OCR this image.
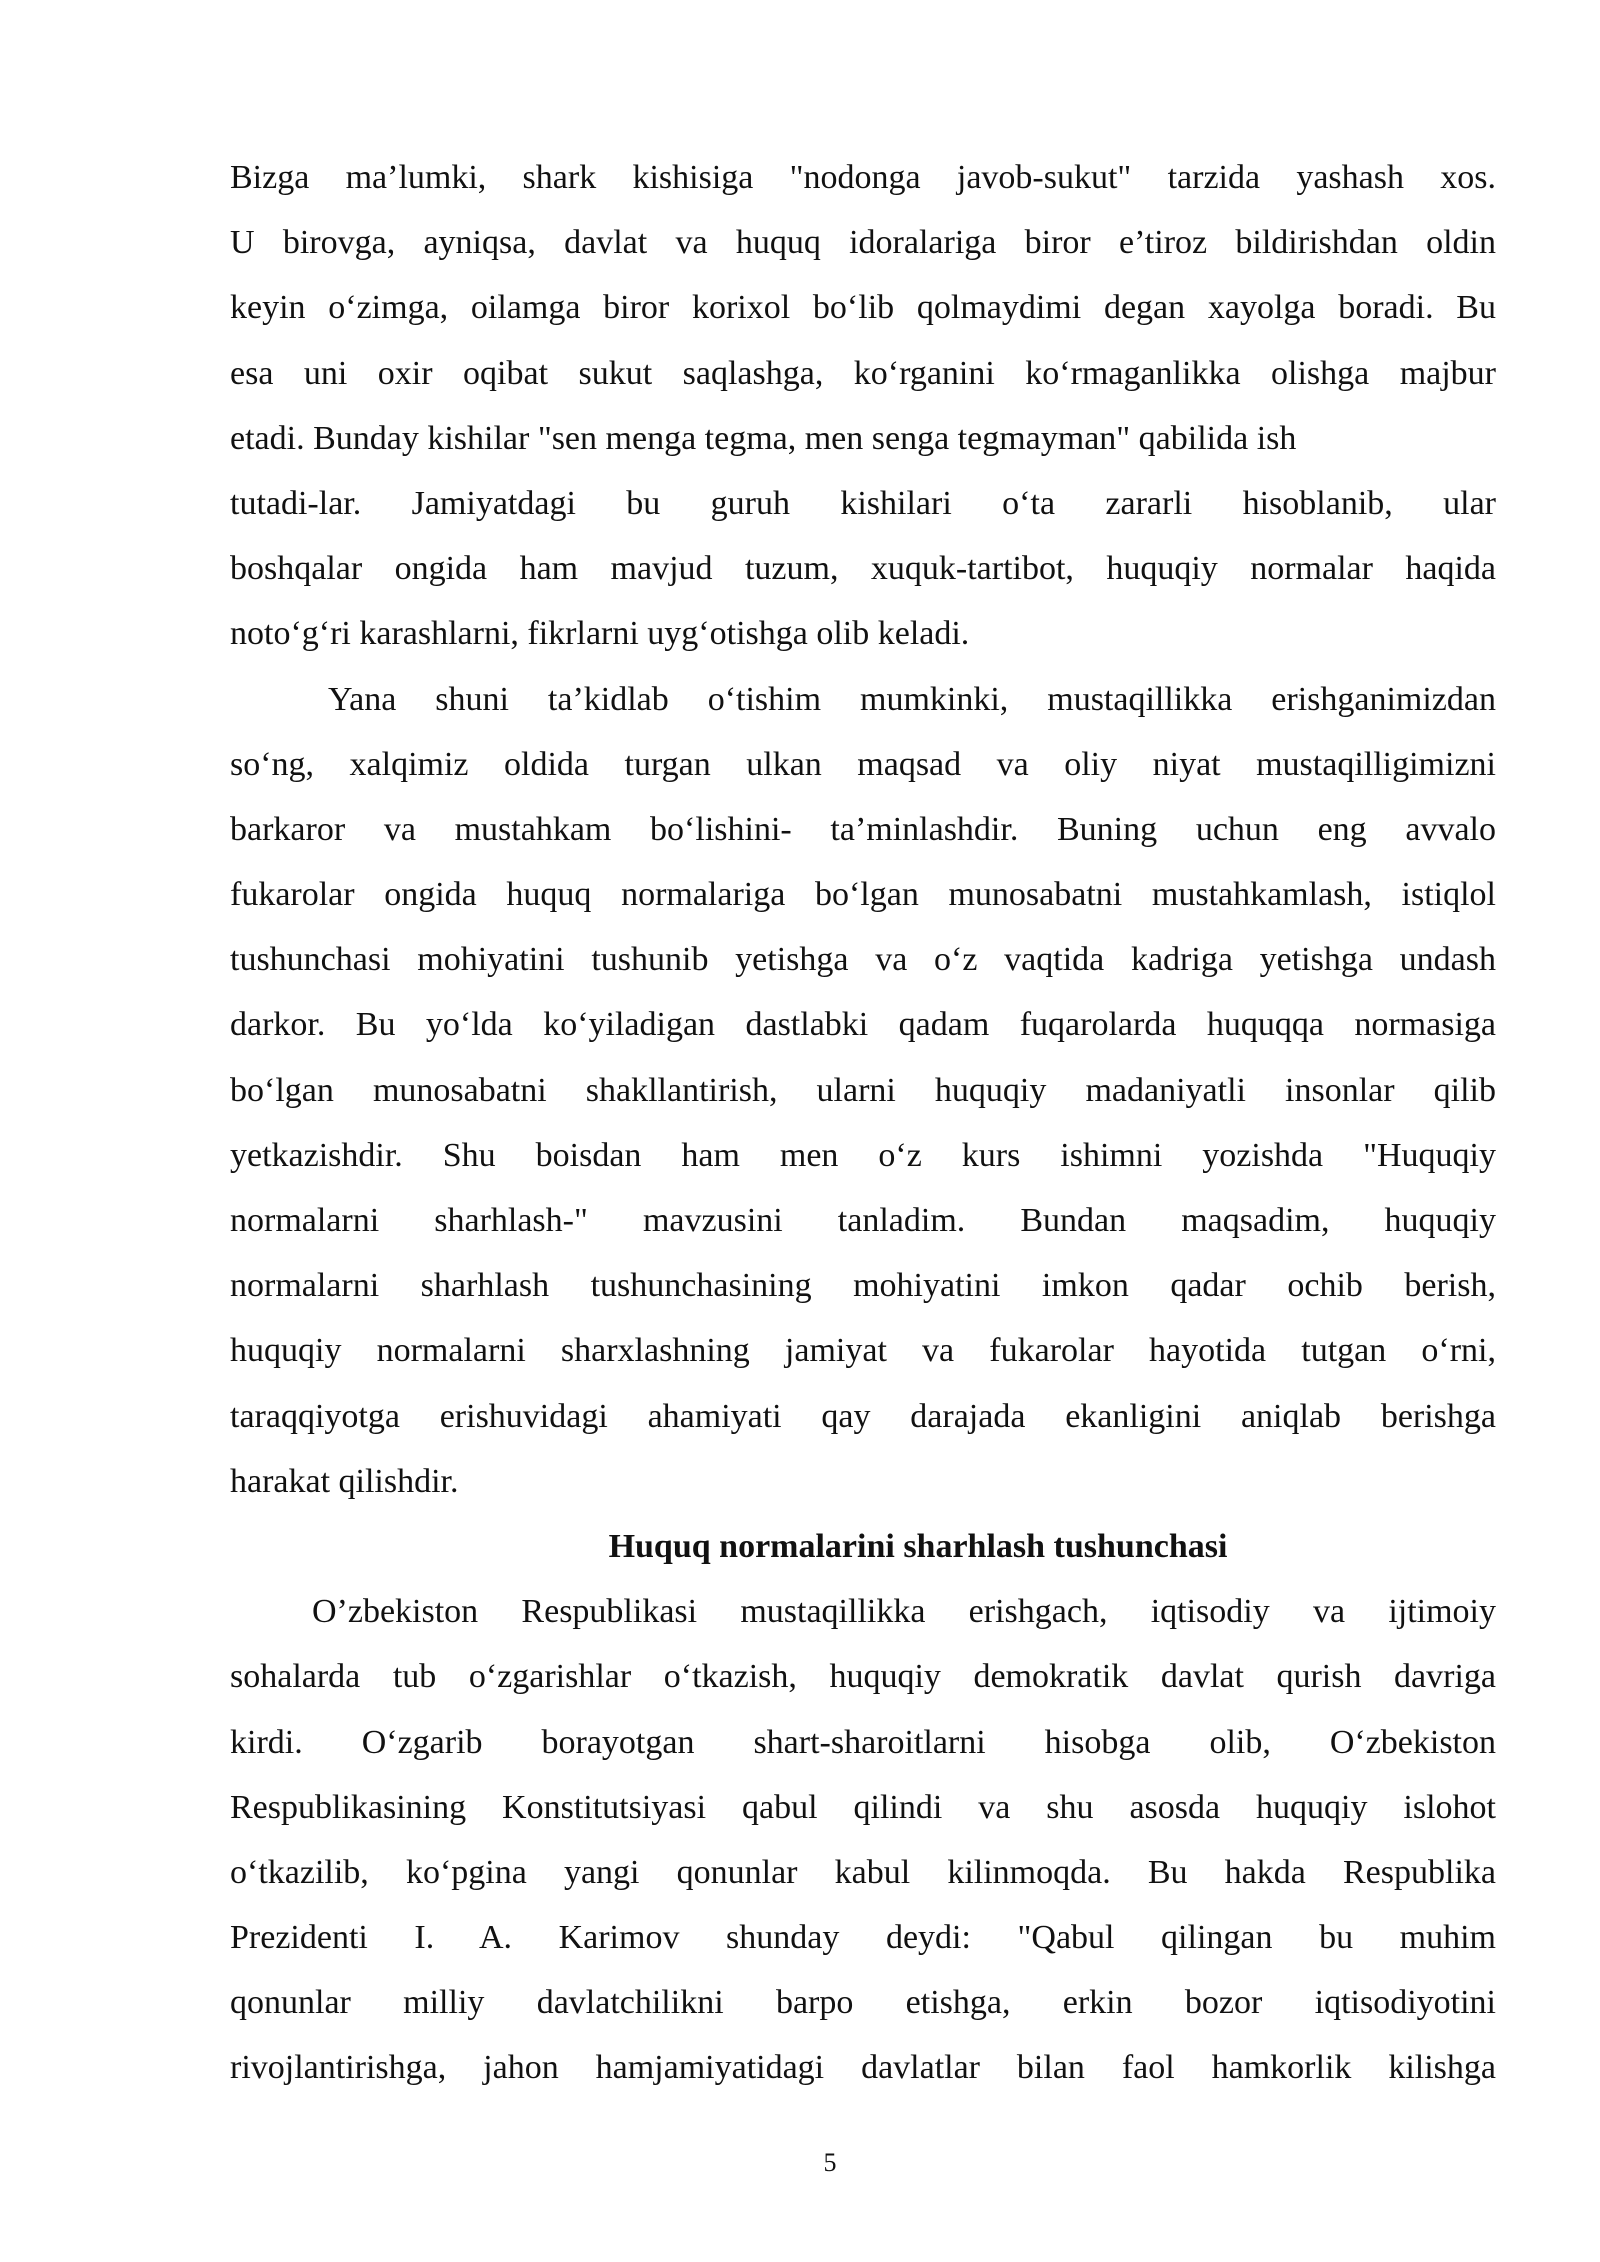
Bizga ma’lumki, shark kishisiga "nodonga javob-sukut" tarzida yashash xos.
U birovga, ayniqsa, davlat va huquq idoralariga biror e’tiroz bildirishdan oldin
keyin o‘zimga, oilamga biror korixol bo‘lib qolmaydimi degan xayolga boradi. Bu
esa uni oxir oqibat sukut saqlashga, ko‘rganini ko‘rmaganlikka olishga majbur
etadi. Bunday kishilar "sen menga tegma, men senga tegmayman" qabilida ish
tutadi-lar. Jamiyatdagi bu guruh kishilari o‘ta zararli hisoblanib, ular
boshqalar ongida ham mavjud tuzum, xuquk-tartibot, huquqiy normalar haqida
noto‘g‘ri karashlarni, fikrlarni uyg‘otishga olib keladi.
Yana shuni ta’kidlab o‘tishim mumkinki, mustaqillikka erishganimizdan
so‘ng, xalqimiz oldida turgan ulkan maqsad va oliy niyat mustaqilligimizni
barkaror va mustahkam bo‘lishini- ta’minlashdir. Buning uchun eng avvalo
fukarolar ongida huquq normalariga bo‘lgan munosabatni mustahkamlash, istiqlol
tushunchasi mohiyatini tushunib yetishga va o‘z vaqtida kadriga yetishga undash
darkor. Bu yo‘lda ko‘yiladigan dastlabki qadam fuqarolarda huquqqa normasiga
bo‘lgan munosabatni shakllantirish, ularni huquqiy madaniyatli insonlar qilib
yetkazishdir. Shu boisdan ham men o‘z kurs ishimni yozishda "Huquqiy
normalarni sharhlash-" mavzusini tanladim. Bundan maqsadim, huquqiy
normalarni sharhlash tushunchasining mohiyatini imkon qadar ochib berish,
huquqiy normalarni sharxlashning jamiyat va fukarolar hayotida tutgan o‘rni,
taraqqiyotga erishuvidagi ahamiyati qay darajada ekanligini aniqlab berishga
harakat qilishdir.
Huquq normalarini sharhlash tushunchasi
O’zbekiston Respublikasi mustaqillikka erishgach, iqtisodiy va ijtimoiy
sohalarda tub o‘zgarishlar o‘tkazish, huquqiy demokratik davlat qurish davriga
kirdi. O‘zgarib borayotgan shart-sharoitlarni hisobga olib, O‘zbekiston
Respublikasining Konstitutsiyasi qabul qilindi va shu asosda huquqiy islohot
o‘tkazilib, ko‘pgina yangi qonunlar kabul kilinmoqda. Bu hakda Respublika
Prezidenti I. A. Karimov shunday deydi: "Qabul qilingan bu muhim
qonunlar milliy davlatchilikni barpo etishga, erkin bozor iqtisodiyotini
rivojlantirishga, jahon hamjamiyatidagi davlatlar bilan faol hamkorlik kilishga
5
